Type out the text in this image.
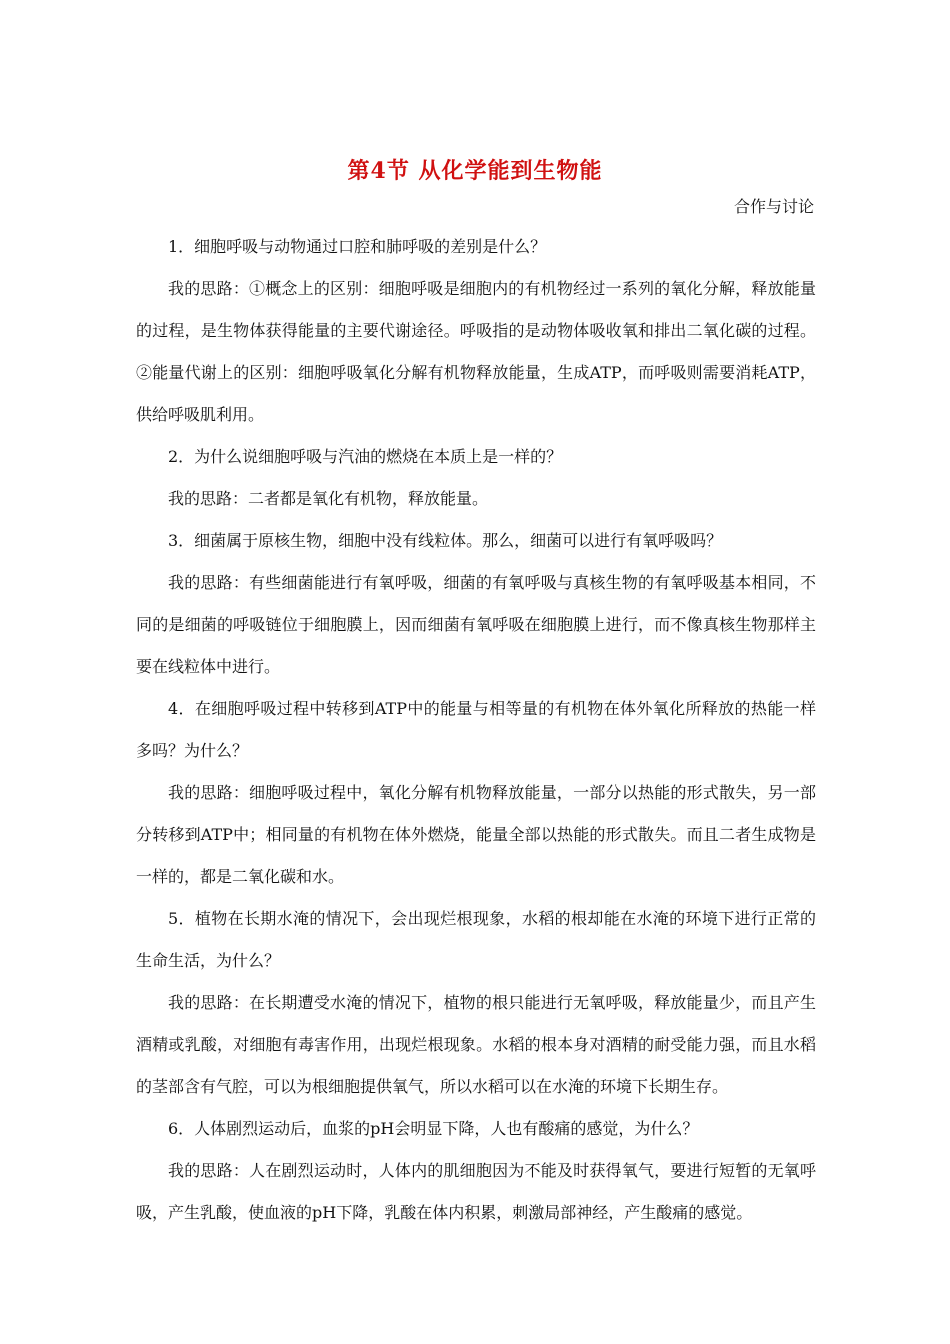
第4节 从化学能到生物能
合作与讨论

1．细胞呼吸与动物通过口腔和肺呼吸的差别是什么？

我的思路：①概念上的区别：细胞呼吸是细胞内的有机物经过一系列的氧化分解，释放能量的过程，是生物体获得能量的主要代谢途径。呼吸指的是动物体吸收氧和排出二氧化碳的过程。②能量代谢上的区别：细胞呼吸氧化分解有机物释放能量，生成ATP，而呼吸则需要消耗ATP，供给呼吸肌利用。

2．为什么说细胞呼吸与汽油的燃烧在本质上是一样的？

我的思路：二者都是氧化有机物，释放能量。

3．细菌属于原核生物，细胞中没有线粒体。那么，细菌可以进行有氧呼吸吗？

我的思路：有些细菌能进行有氧呼吸，细菌的有氧呼吸与真核生物的有氧呼吸基本相同，不同的是细菌的呼吸链位于细胞膜上，因而细菌有氧呼吸在细胞膜上进行，而不像真核生物那样主要在线粒体中进行。

4．在细胞呼吸过程中转移到ATP中的能量与相等量的有机物在体外氧化所释放的热能一样多吗？为什么？

我的思路：细胞呼吸过程中，氧化分解有机物释放能量，一部分以热能的形式散失，另一部分转移到ATP中；相同量的有机物在体外燃烧，能量全部以热能的形式散失。而且二者生成物是一样的，都是二氧化碳和水。

5．植物在长期水淹的情况下，会出现烂根现象，水稻的根却能在水淹的环境下进行正常的生命生活，为什么？

我的思路：在长期遭受水淹的情况下，植物的根只能进行无氧呼吸，释放能量少，而且产生酒精或乳酸，对细胞有毒害作用，出现烂根现象。水稻的根本身对酒精的耐受能力强，而且水稻的茎部含有气腔，可以为根细胞提供氧气，所以水稻可以在水淹的环境下长期生存。

6．人体剧烈运动后，血浆的pH会明显下降，人也有酸痛的感觉，为什么？

我的思路：人在剧烈运动时，人体内的肌细胞因为不能及时获得氧气，要进行短暂的无氧呼吸，产生乳酸，使血液的pH下降，乳酸在体内积累，刺激局部神经，产生酸痛的感觉。
